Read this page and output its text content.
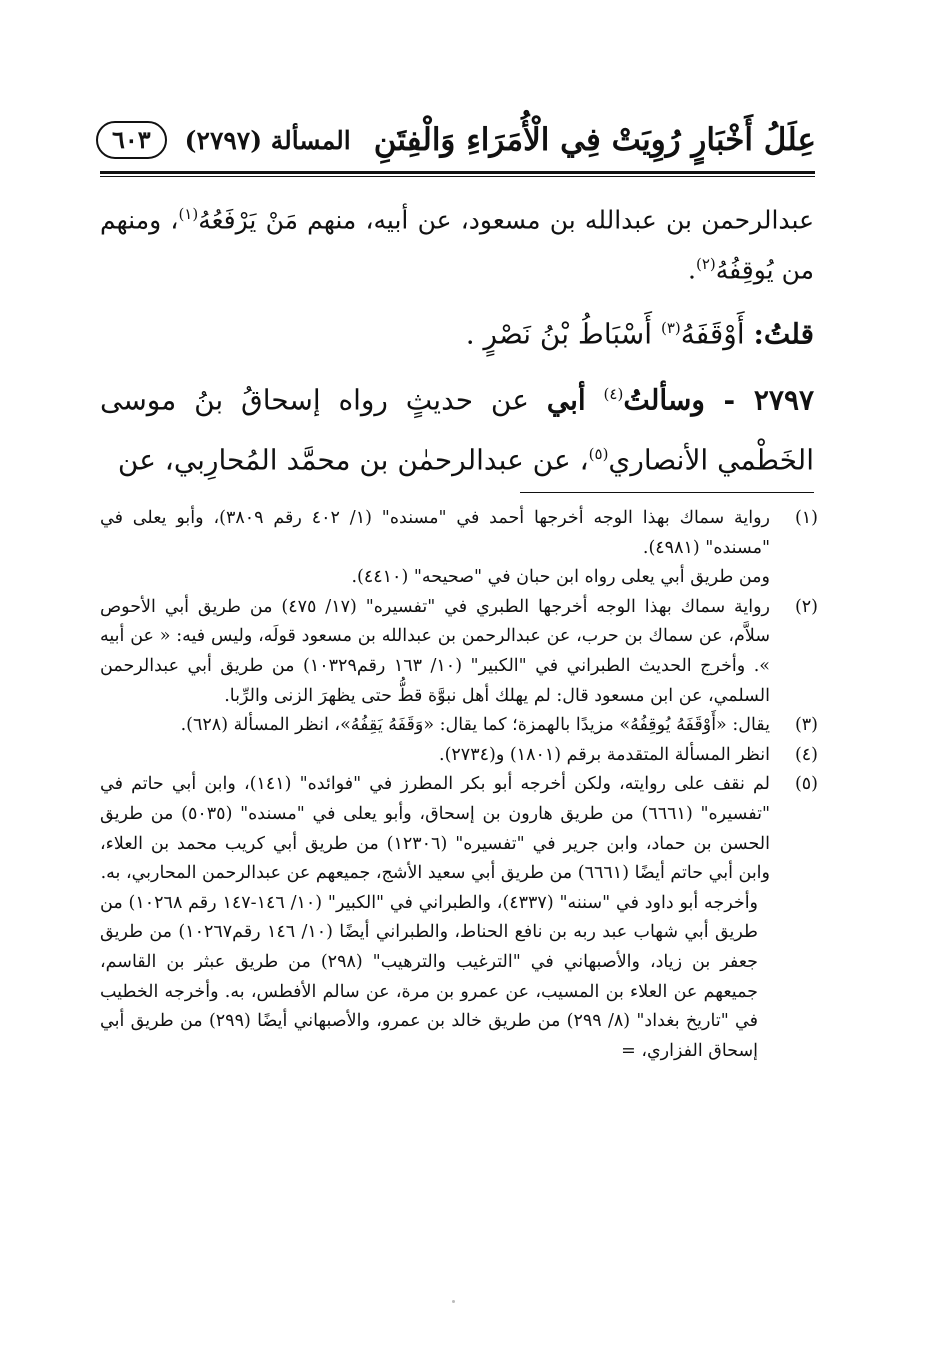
عِلَلُ أَخْبَارٍ رُوِيَتْ فِي الْأُمَرَاءِ وَالْفِتَنِ
المسألة (٢٧٩٧)
٦٠٣

عبدالرحمن بن عبدالله بن مسعود، عن أبيه، منهم مَنْ يَرْفَعُهُ$^{(١)}$، ومنهم من يُوقِفُهُ$^{(٢)}$.

قلتُ: أَوْقَفَهُ$^{(٣)}$ أَسْبَاطُ بْنُ نَصْرٍ .

٢٧٩٧ - وسألتُ$^{(٤)}$ أبي عن حديثٍ رواه إسحاقُ بنُ موسى الخَطْمي الأنصاري$^{(٥)}$، عن عبدالرحمٰن بن محمَّد المُحارِبي، عن

(١)

رواية سماك بهذا الوجه أخرجها أحمد في "مسنده" (١/ ٤٠٢ رقم ٣٨٠٩)، وأبو يعلى في "مسنده" (٤٩٨١).

ومن طريق أبي يعلى رواه ابن حبان في "صحيحه" (٤٤١٠).

(٢)

رواية سماك بهذا الوجه أخرجها الطبري في "تفسيره" (١٧/ ٤٧٥) من طريق أبي الأحوص سلاَّم، عن سماك بن حرب، عن عبدالرحمن بن عبدالله بن مسعود قولَه، وليس فيه: « عن أبيه ». وأخرج الحديث الطبراني في "الكبير" (١٠/ ١٦٣ رقم١٠٣٢٩) من طريق أبي عبدالرحمن السلمي، عن ابن مسعود قال: لم يهلك أهل نبوَّة قطُّ حتى يظهرَ الزنى والرِّبا.

(٣)

يقال: «أَوْقَفَهُ يُوقِفُهُ» مزيدًا بالهمزة؛ كما يقال: «وَقَفَهُ يَقِفُهُ»، انظر المسألة (٦٢٨).

(٤)

انظر المسألة المتقدمة برقم (١٨٠١) و(٢٧٣٤).

(٥)

لم نقف على روايته، ولكن أخرجه أبو بكر المطرز في "فوائده" (١٤١)، وابن أبي حاتم في "تفسيره" (٦٦٦١) من طريق هارون بن إسحاق، وأبو يعلى في "مسنده" (٥٠٣٥) من طريق الحسن بن حماد، وابن جرير في "تفسيره" (١٢٣٠٦) من طريق أبي كريب محمد بن العلاء، وابن أبي حاتم أيضًا (٦٦٦١) من طريق أبي سعيد الأشج، جميعهم عن عبدالرحمن المحاربي، به.

وأخرجه أبو داود في "سننه" (٤٣٣٧)، والطبراني في "الكبير" (١٠/ ١٤٦-١٤٧ رقم ١٠٢٦٨) من طريق أبي شهاب عبد ربه بن نافع الحناط، والطبراني أيضًا (١٠/ ١٤٦ رقم١٠٢٦٧) من طريق جعفر بن زياد، والأصبهاني في "الترغيب والترهيب" (٢٩٨) من طريق عبثر بن القاسم، جميعهم عن العلاء بن المسيب، عن عمرو بن مرة، عن سالم الأفطس، به. وأخرجه الخطيب في "تاريخ بغداد" (٨/ ٢٩٩) من طريق خالد بن عمرو، والأصبهاني أيضًا (٢٩٩) من طريق أبي إسحاق الفزاري، =
